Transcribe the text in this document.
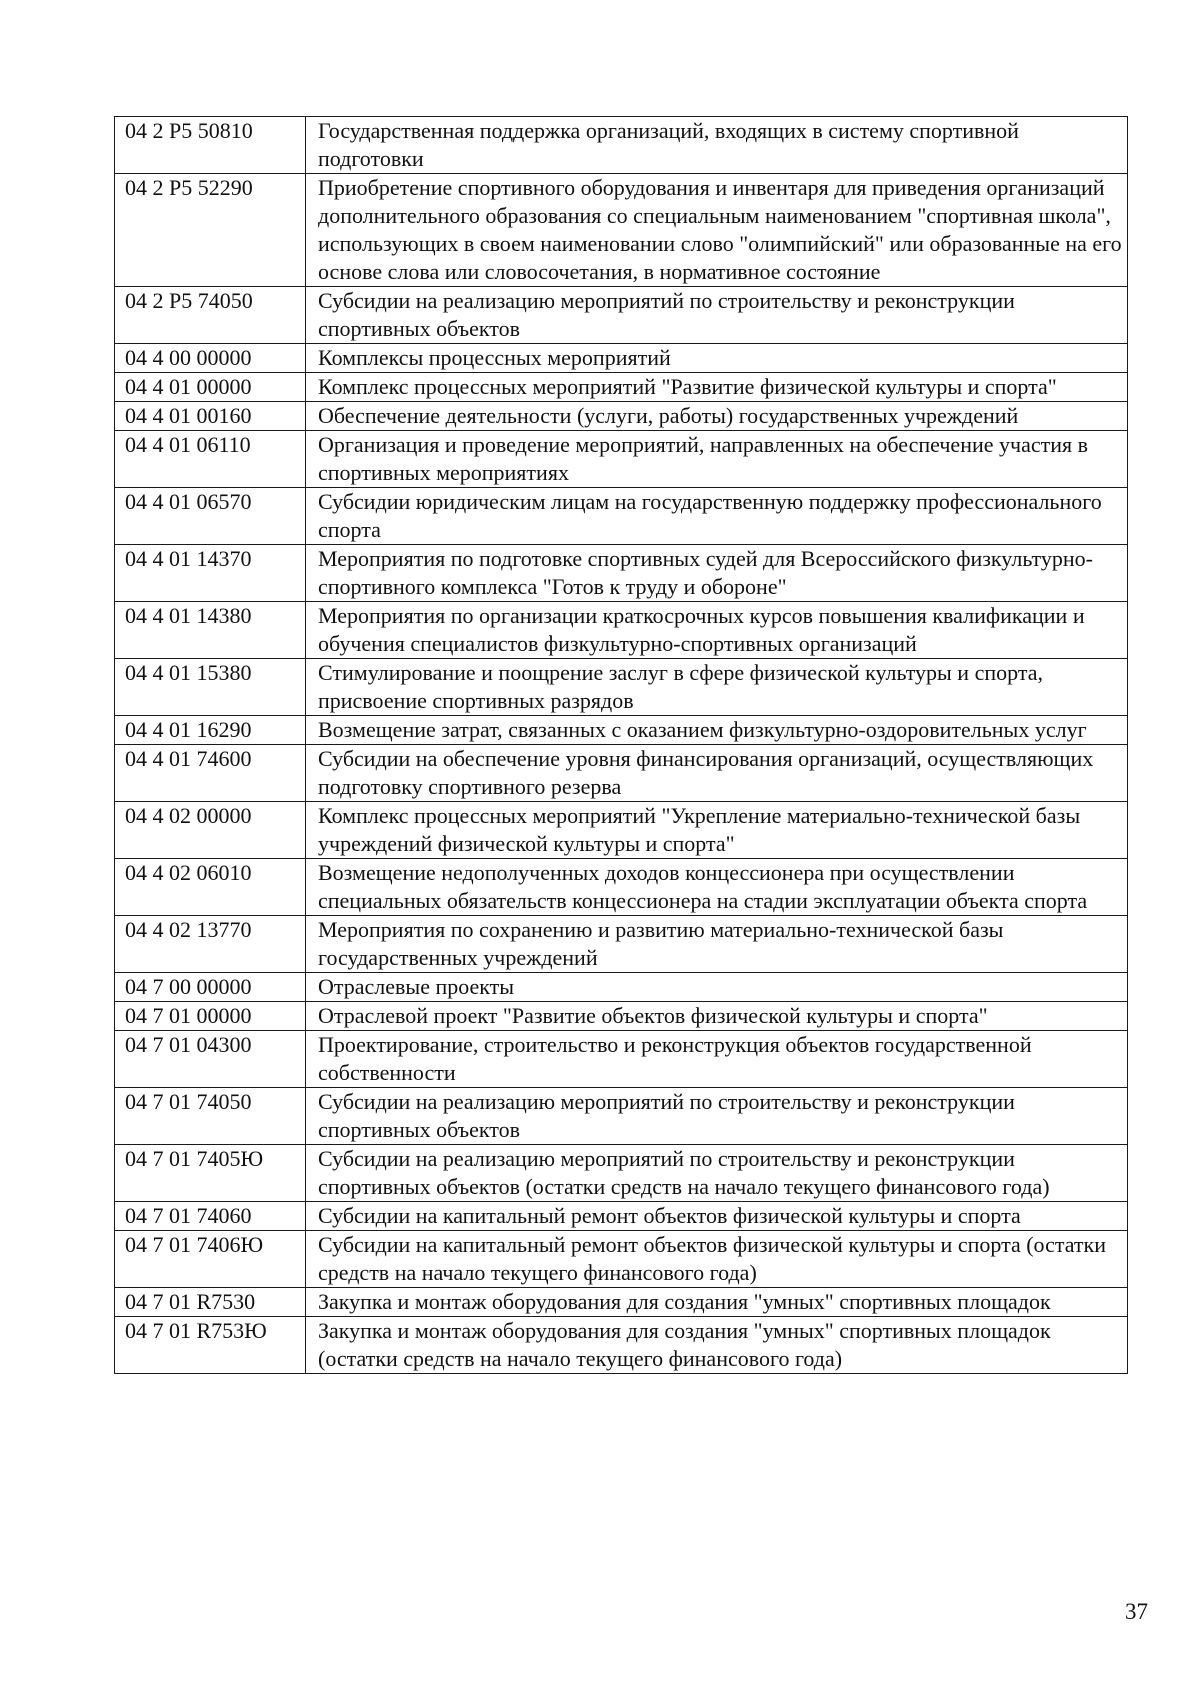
04 2 P5 50810	Государственная поддержка организаций, входящих в систему спортивной подготовки
04 2 P5 52290	Приобретение спортивного оборудования и инвентаря для приведения организаций дополнительного образования со специальным наименованием "спортивная школа", использующих в своем наименовании слово "олимпийский" или образованные на его основе слова или словосочетания, в нормативное состояние
04 2 P5 74050	Субсидии на реализацию мероприятий по строительству и реконструкции спортивных объектов
04 4 00 00000	Комплексы процессных мероприятий
04 4 01 00000	Комплекс процессных мероприятий "Развитие физической культуры и спорта"
04 4 01 00160	Обеспечение деятельности (услуги, работы) государственных учреждений
04 4 01 06110	Организация и проведение мероприятий, направленных на обеспечение участия в спортивных мероприятиях
04 4 01 06570	Субсидии юридическим лицам на государственную поддержку профессионального спорта
04 4 01 14370	Мероприятия по подготовке спортивных судей для Всероссийского физкультурно-спортивного комплекса "Готов к труду и обороне"
04 4 01 14380	Мероприятия по организации краткосрочных курсов повышения квалификации и обучения специалистов физкультурно-спортивных организаций
04 4 01 15380	Стимулирование и поощрение заслуг в сфере физической культуры и спорта, присвоение спортивных разрядов
04 4 01 16290	Возмещение затрат, связанных с оказанием физкультурно-оздоровительных услуг
04 4 01 74600	Субсидии на обеспечение уровня финансирования организаций, осуществляющих подготовку спортивного резерва
04 4 02 00000	Комплекс процессных мероприятий "Укрепление материально-технической базы учреждений физической культуры и спорта"
04 4 02 06010	Возмещение недополученных доходов концессионера при осуществлении специальных обязательств концессионера на стадии эксплуатации объекта спорта
04 4 02 13770	Мероприятия по сохранению и развитию материально-технической базы государственных учреждений
04 7 00 00000	Отраслевые проекты
04 7 01 00000	Отраслевой проект "Развитие объектов физической культуры и спорта"
04 7 01 04300	Проектирование, строительство и реконструкция объектов государственной собственности
04 7 01 74050	Субсидии на реализацию мероприятий по строительству и реконструкции спортивных объектов
04 7 01 7405Ю	Субсидии на реализацию мероприятий по строительству и реконструкции спортивных объектов (остатки средств на начало текущего финансового года)
04 7 01 74060	Субсидии на капитальный ремонт объектов физической культуры и спорта
04 7 01 7406Ю	Субсидии на капитальный ремонт объектов физической культуры и спорта (остатки средств на начало текущего финансового года)
04 7 01 R7530	Закупка и монтаж оборудования для создания "умных" спортивных площадок
04 7 01 R753Ю	Закупка и монтаж оборудования для создания "умных" спортивных площадок (остатки средств на начало текущего финансового года)
37
